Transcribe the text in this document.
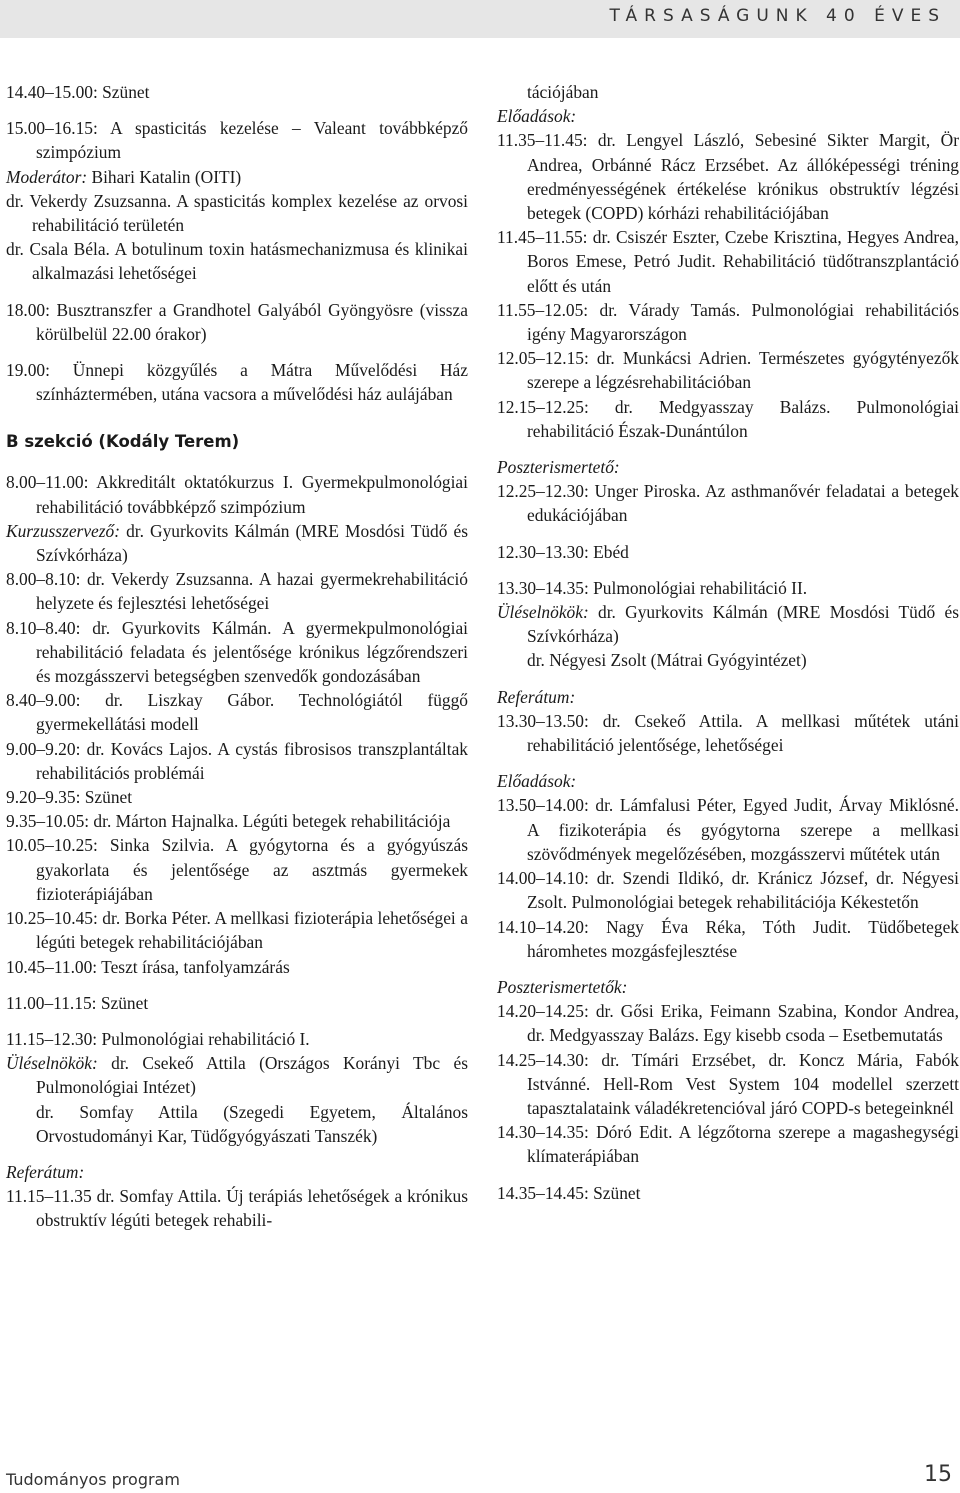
TÁRSASÁGUNK 40 ÉVES

14.40–15.00: Szünet

15.00–16.15: A spasticitás kezelése – Valeant továbbképző szimpózium

Moderátor: Bihari Katalin (OITI)

dr. Vekerdy Zsuzsanna. A spasticitás komplex kezelése az orvosi rehabilitáció területén

dr. Csala Béla. A botulinum toxin hatásmechanizmusa és klinikai alkalmazási lehetőségei

18.00: Busztranszfer a Grandhotel Galyából Gyöngyösre (vissza körülbelül 22.00 órakor)

19.00: Ünnepi közgyűlés a Mátra Művelődési Ház színháztermében, utána vacsora a művelődési ház aulájában

B szekció (Kodály Terem)

8.00–11.00: Akkreditált oktatókurzus I. Gyermekpulmonológiai rehabilitáció továbbképző szimpózium

Kurzusszervező: dr. Gyurkovits Kálmán (MRE Mosdósi Tüdő és Szívkórháza)

8.00–8.10: dr. Vekerdy Zsuzsanna. A hazai gyermekrehabilitáció helyzete és fejlesztési lehetőségei

8.10–8.40: dr. Gyurkovits Kálmán. A gyermekpulmonológiai rehabilitáció feladata és jelentősége krónikus légzőrendszeri és mozgásszervi betegségben szenvedők gondozásában

8.40–9.00: dr. Liszkay Gábor. Technológiától függő gyermekellátási modell

9.00–9.20: dr. Kovács Lajos. A cystás fibrosisos transzplantáltak rehabilitációs problémái

9.20–9.35: Szünet

9.35–10.05: dr. Márton Hajnalka. Légúti betegek rehabilitációja

10.05–10.25: Sinka Szilvia. A gyógytorna és a gyógyúszás gyakorlata és jelentősége az asztmás gyermekek fizioterápiájában

10.25–10.45: dr. Borka Péter. A mellkasi fizioterápia lehetőségei a légúti betegek rehabilitációjában

10.45–11.00: Teszt írása, tanfolyamzárás

11.00–11.15: Szünet

11.15–12.30: Pulmonológiai rehabilitáció I.

Üléselnökök: dr. Csekeő Attila (Országos Korányi Tbc és Pulmonológiai Intézet)

dr. Somfay Attila (Szegedi Egyetem, Általános Orvostudományi Kar, Tüdőgyógyászati Tanszék)

Referátum:

11.15–11.35 dr. Somfay Attila. Új terápiás lehetőségek a krónikus obstruktív légúti betegek rehabili-

tációjában

Előadások:

11.35–11.45: dr. Lengyel László, Sebesiné Sikter Margit, Ör Andrea, Orbánné Rácz Erzsébet. Az állóképességi tréning eredményességének értékelése krónikus obstruktív légzési betegek (COPD) kórházi rehabilitációjában

11.45–11.55: dr. Csiszér Eszter, Czebe Krisztina, Hegyes Andrea, Boros Emese, Petró Judit. Rehabilitáció tüdőtranszplantáció előtt és után

11.55–12.05: dr. Várady Tamás. Pulmonológiai rehabilitációs igény Magyarországon

12.05–12.15: dr. Munkácsi Adrien. Természetes gyógytényezők szerepe a légzésrehabilitációban

12.15–12.25: dr. Medgyasszay Balázs. Pulmonológiai rehabilitáció Észak-Dunántúlon

Poszterismertető:

12.25–12.30: Unger Piroska. Az asthmanővér feladatai a betegek edukációjában

12.30–13.30: Ebéd

13.30–14.35: Pulmonológiai rehabilitáció II.

Üléselnökök: dr. Gyurkovits Kálmán (MRE Mosdósi Tüdő és Szívkórháza)

dr. Négyesi Zsolt (Mátrai Gyógyintézet)

Referátum:

13.30–13.50: dr. Csekeő Attila. A mellkasi műtétek utáni rehabilitáció jelentősége, lehetőségei

Előadások:

13.50–14.00: dr. Lámfalusi Péter, Egyed Judit, Árvay Miklósné. A fizikoterápia és gyógytorna szerepe a mellkasi szövődmények megelőzésében, mozgásszervi műtétek után

14.00–14.10: dr. Szendi Ildikó, dr. Kránicz József, dr. Négyesi Zsolt. Pulmonológiai betegek rehabilitációja Kékestetőn

14.10–14.20: Nagy Éva Réka, Tóth Judit. Tüdőbetegek háromhetes mozgásfejlesztése

Poszterismertetők:

14.20–14.25: dr. Gősi Erika, Feimann Szabina, Kondor Andrea, dr. Medgyasszay Balázs. Egy kisebb csoda – Esetbemutatás

14.25–14.30: dr. Tímári Erzsébet, dr. Koncz Mária, Fabók Istvánné. Hell-Rom Vest System 104 modellel szerzett tapasztalataink váladékretencióval járó COPD-s betegeinknél

14.30–14.35: Dóró Edit. A légzőtorna szerepe a magashegységi klímaterápiában

14.35–14.45: Szünet

Tudományos program	15
